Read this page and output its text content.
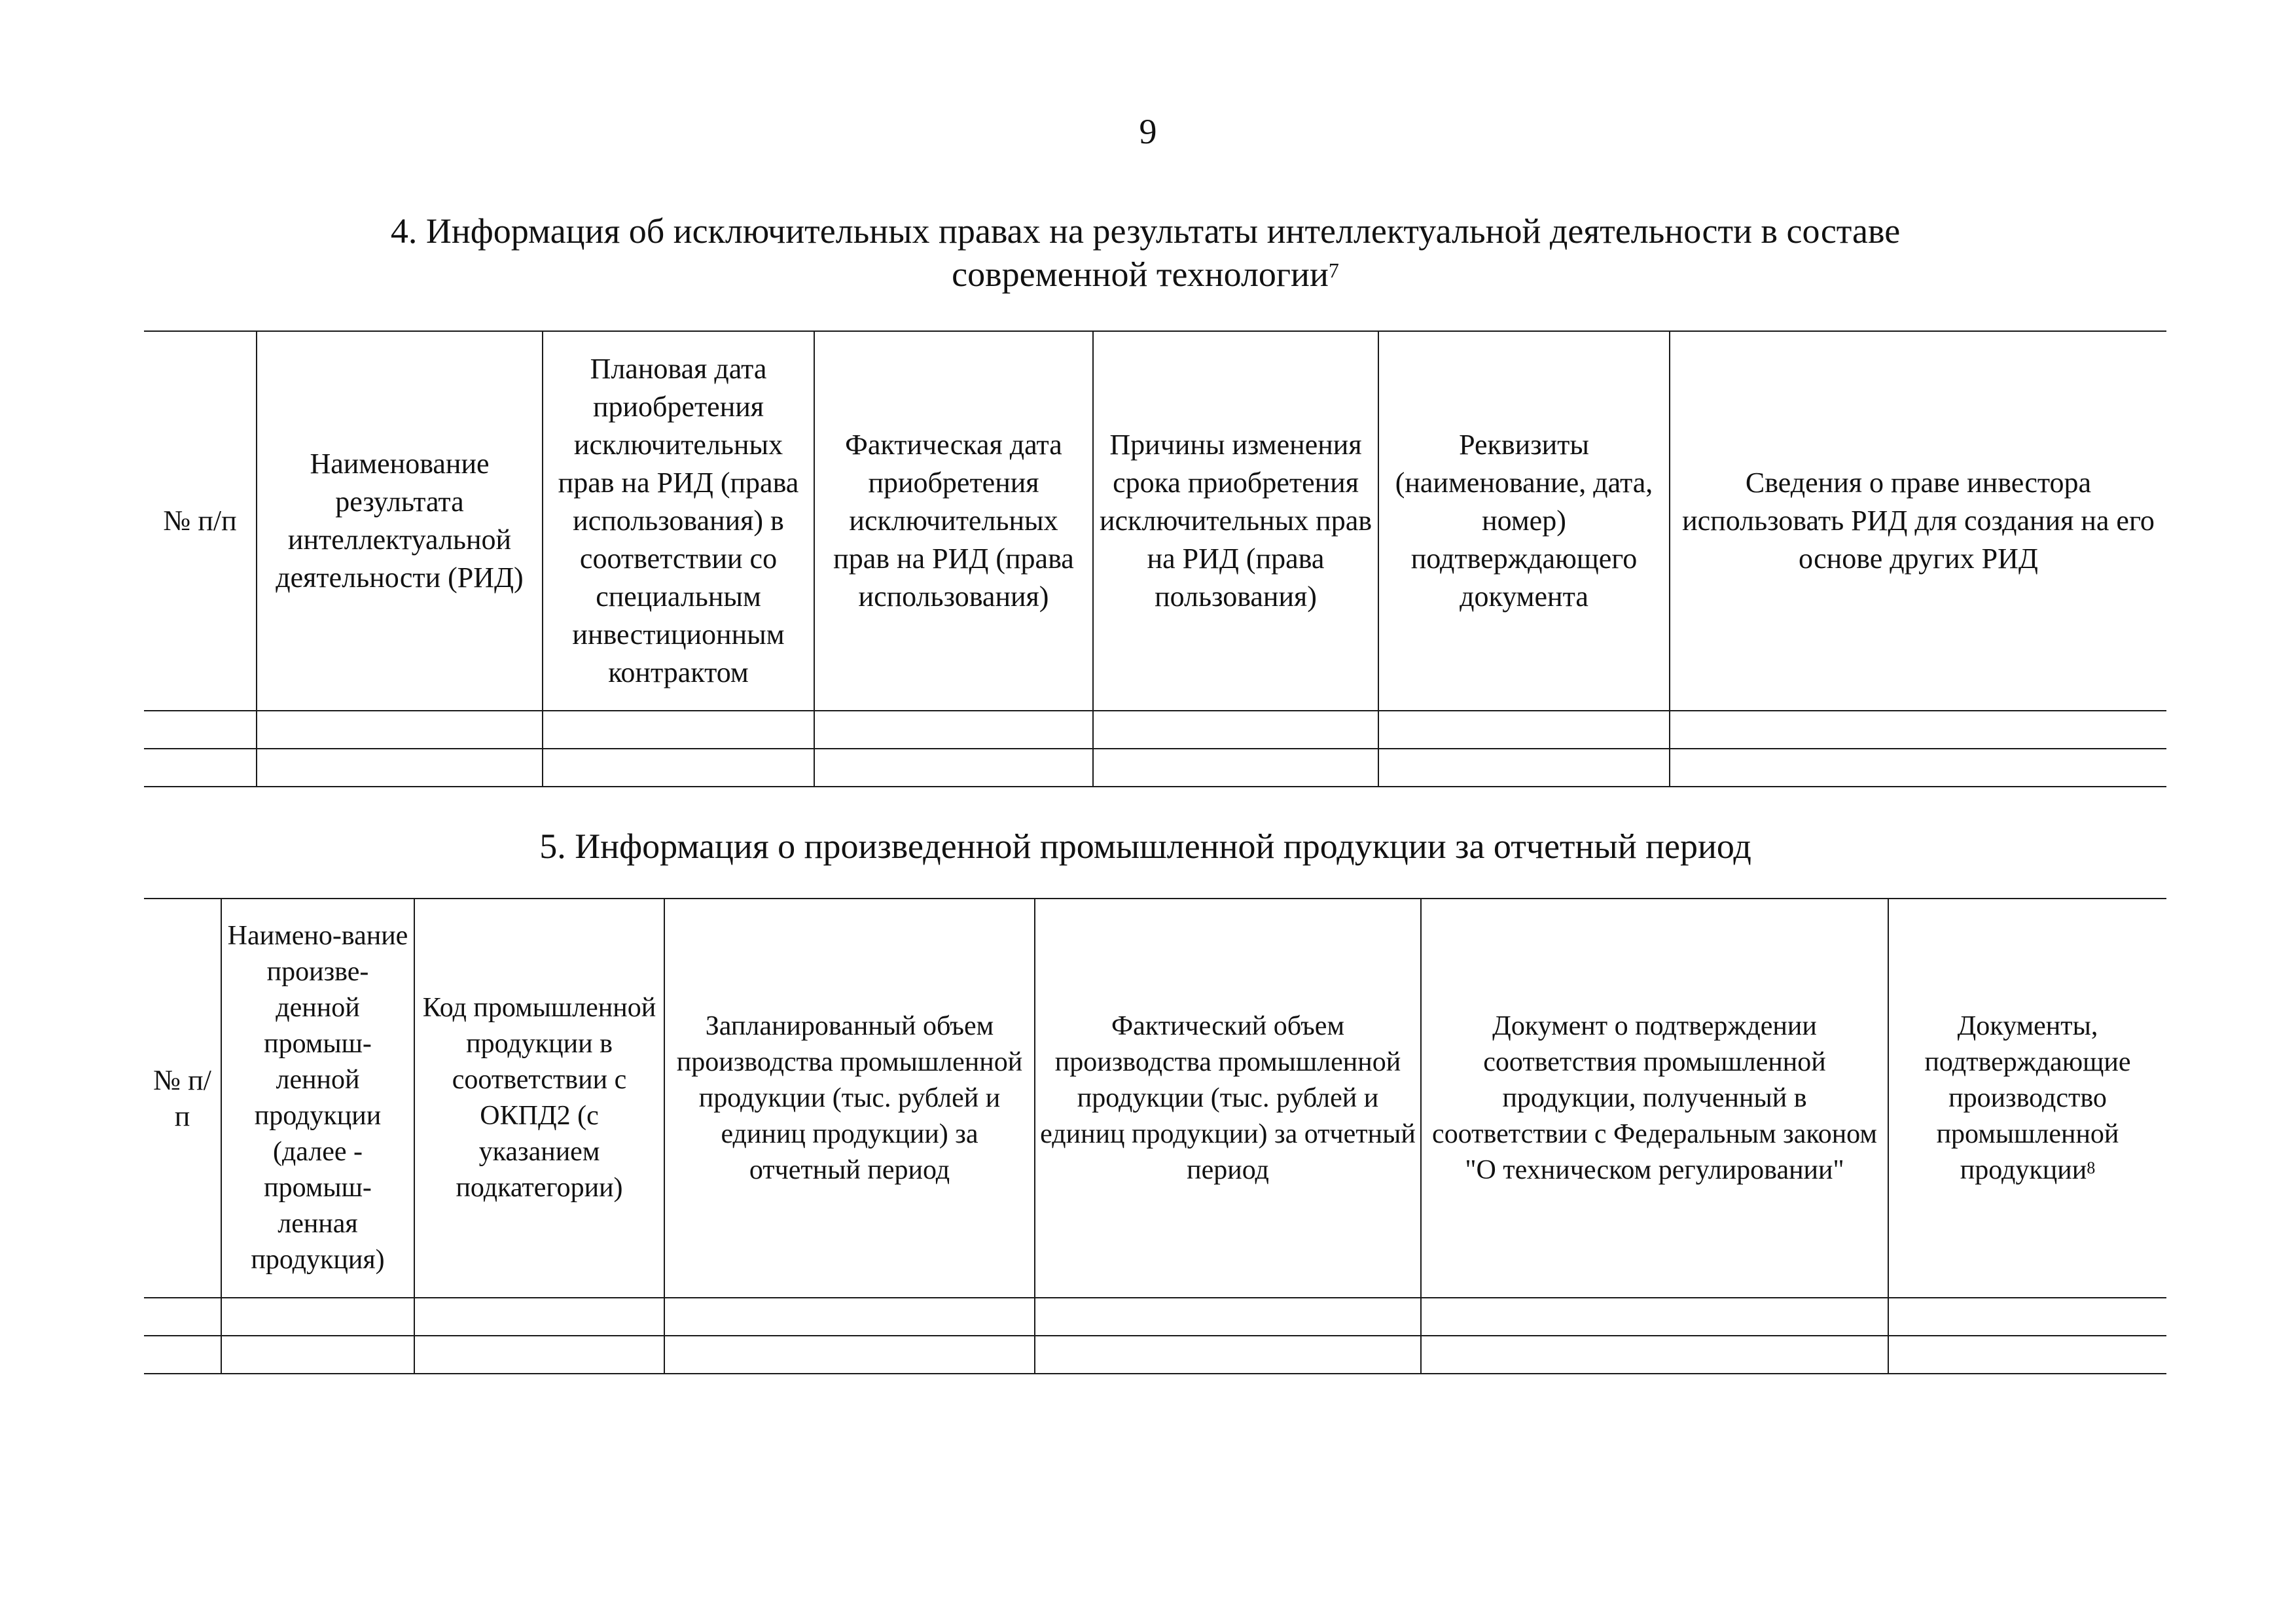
9
4. Информация об исключительных правах на результаты интеллектуальной деятельности в составе
современной технологии$^7$
№ п/п	Наименование результата интеллектуальной деятельности (РИД)	Плановая дата приобретения исключительных прав на РИД (права использования) в соответствии со специальным инвестиционным контрактом	Фактическая дата приобретения исключительных прав на РИД (права использования)	Причины изменения срока приобретения исключительных прав на РИД (права пользования)	Реквизиты (наименование, дата, номер) подтверждающего документа	Сведения о праве инвестора использовать РИД для создания на его основе других РИД

5. Информация о произведенной промышленной продукции за отчетный период
№ п/п	Наимено-вание произве-денной промыш-ленной продукции (далее - промыш-ленная продукция)	Код промышленной продукции в соответствии с ОКПД2 (с указанием подкатегории)	Запланированный объем производства промышленной продукции (тыс. рублей и единиц продукции) за отчетный период	Фактический объем производства промышленной продукции (тыс. рублей и единиц продукции) за отчетный период	Документ о подтверждении соответствия промышленной продукции, полученный в соответствии с Федеральным законом "О техническом регулировании"	Документы, подтверждающие производство промышленной продукции$^8$
